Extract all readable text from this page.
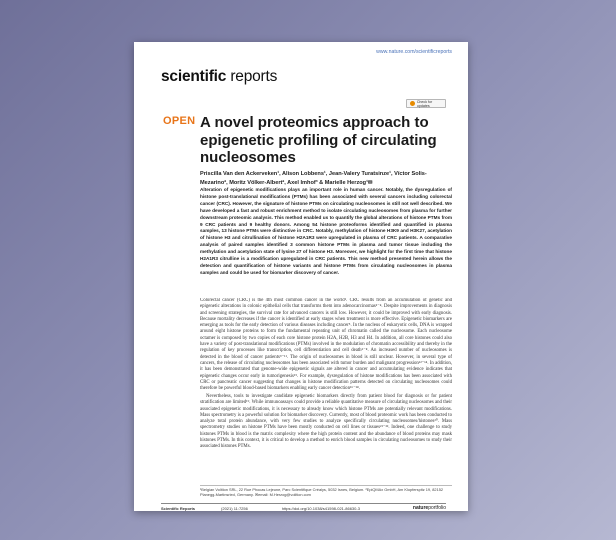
www.nature.com/scientificreports
scientific reports
Check for updates
OPEN A novel proteomics approach to epigenetic profiling of circulating nucleosomes
Priscilla Van den Ackerveken¹, Alison Lobbens¹, Jean-Valery Turatsinze¹, Víctor Solis-Mezarino², Moritz Völker-Albert², Axel Imhof³ & Marielle Herzog¹✉
Alteration of epigenetic modifications plays an important role in human cancer. Notably, the dysregulation of histone post-translational modifications (PTMs) has been associated with several cancers including colorectal cancer (CRC). However, the signature of histone PTMs on circulating nucleosomes is still not well described. We have developed a fast and robust enrichment method to isolate circulating nucleosomes from plasma for further downstream proteomic analysis. This method enabled us to quantify the global alterations of histone PTMs from 9 CRC patients and 9 healthy donors. Among 54 histone proteoforms identified and quantified in plasma samples, 13 histone PTMs were distinctive in CRC. Notably, methylation of histone H3K9 and H3K27, acetylation of histone H3 and citrullination of histone H2A1R3 were upregulated in plasma of CRC patients. A comparative analysis of paired samples identified 3 common histone PTMs in plasma and tumor tissue including the methylation and acetylation state of lysine 27 of histone H3. Moreover, we highlight for the first time that histone H2A1R3 citrulline is a modification upregulated in CRC patients. This new method presented herein allows the detection and quantification of histone variants and histone PTMs from circulating nucleosomes in plasma samples and could be used for biomarker discovery of cancer.

Colorectal cancer (CRC) is the 4th most common cancer in the world¹. CRC results from an accumulation of genetic and epigenetic alterations in colonic epithelial cells that transforms them into adenocarcinomas²⁻⁴. Despite improvements in diagnosis and screening strategies, the survival rate for advanced cancers is still low. However, it could be improved with early diagnosis. Because mortality decreases if the cancer is identified at early stages when treatment is more effective. Epigenetic biomarkers are emerging as tools for the early detection of various diseases including cancer⁵. In the nucleus of eukaryotic cells, DNA is wrapped around eight histone proteins to form the fundamental repeating unit of chromatin called the nucleosome. Each nucleosome octamer is composed by two copies of each core histone protein H2A, H2B, H3 and H4. In addition, all core histones could also have a variety of post-translational modifications (PTMs) involved in the modulation of chromatin accessibility and thereby in the regulation of key processes like transcription, cell differentiation and cell death⁶⁻⁸. An increased number of nucleosomes is detected in the blood of cancer patients⁹⁻¹¹. The origin of nucleosomes in blood is still unclear. However, in several type of cancers, the release of circulating nucleosomes has been associated with tumor burden and malignant progression¹²⁻¹⁴. In addition, it has been demonstrated that genome-wide epigenetic signals are altered in cancer and accumulating evidence indicates that epigenetic changes occur early in tumorigenesis¹⁵. For example, dysregulation of histone modifications has been associated with CRC or pancreatic cancer suggesting that changes in histone modification patterns detected on circulating nucleosomes could therefore be powerful blood-based biomarkers enabling early cancer detection¹⁶⁻¹⁸.

Nevertheless, tools to investigate candidate epigenetic biomarkers directly from patient blood for diagnosis or for patient stratification are limited¹⁹. While immunoassays could provide a reliable quantitative measure of circulating nucleosomes and their associated epigenetic modifications, it is necessary to already know which histone PTMs are potentially relevant modifications. Mass spectrometry is a powerful solution for biomarker discovery. Currently, most of blood proteomic work has been conducted to analyze total protein abundance, with very few studies to analyze specifically circulating nucleosomes/histones²⁰. Mass spectrometry studies on histone PTMs have been mostly conducted on cell lines or tissues²¹⁻²³. Indeed, one challenge to study histones PTMs in blood is the matrix complexity where the high protein content and the abundance of blood proteins may mask histones PTMs. In this context, it is critical to develop a method to enrich blood samples in circulating nucleosomes to study their associated histones PTMs.

¹Belgian Volition SRL, 22 Rue Phocas Lejeune, Parc Scientifique Créalys, 5032 Isnes, Belgium. ²EpiQMAx GmbH, Am Klopferspitz 19, 82152 Planegg-Martinsried, Germany. ✉email: M.Herzog@volition.com
Scientific Reports	(2021) 11:7256	https://doi.org/10.1038/s41598-021-86630-3	natureportfolio
